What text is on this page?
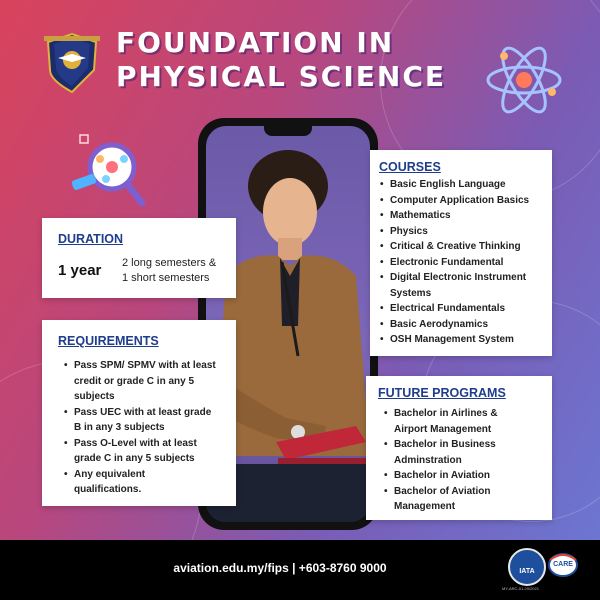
FOUNDATION IN
PHYSICAL SCIENCE
DURATION
1 year 2 long semesters &
1 short semesters
REQUIREMENTS
• Pass SPM/ SPMV with at least
credit or grade C in any 5
subjects
• Pass UEC with at least grade
B in any 3 subjects
• Pass O-Level with at least
grade C in any 5 subjects
• Any equivalent
qualifications.
COURSES
• Basic English Language
• Computer Application Basics
• Mathematics
• Physics
• Critical & Creative Thinking
• Electronic Fundamental
• Digital Electronic Instrument
Systems
• Electrical Fundamentals
• Basic Aerodynamics
• OSH Management System
FUTURE PROGRAMS
• Bachelor in Airlines &
Airport Management
• Bachelor in Business
Adminstration
• Bachelor in Aviation
• Bachelor of Aviation
Management
aviation.edu.my/fips | +603-8760 9000	IATA
CARE
MY-ARC-01-29/2021
